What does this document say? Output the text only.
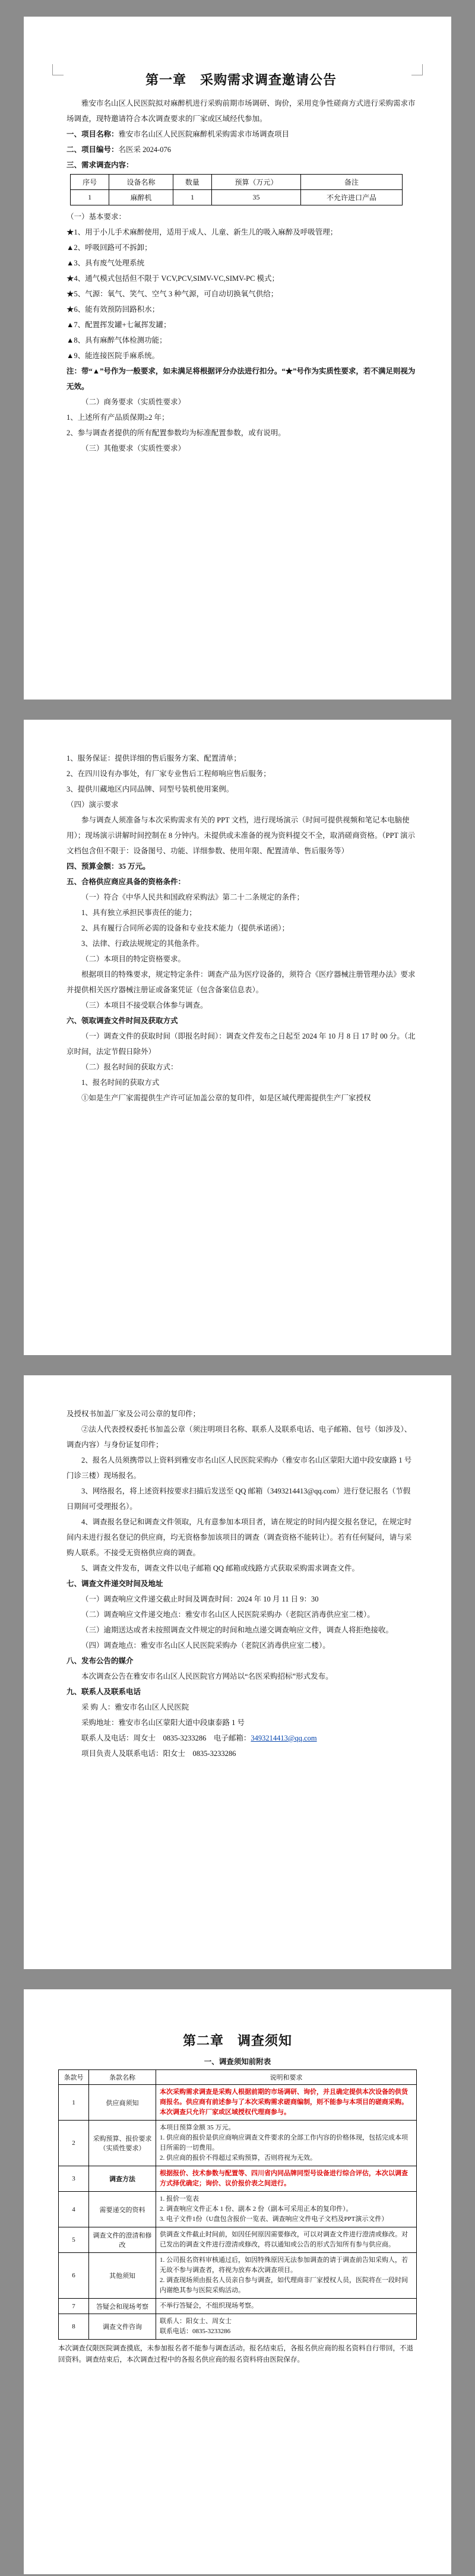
第一章　采购需求调查邀请公告

雅安市名山区人民医院拟对麻醉机进行采购前期市场调研、询价，采用竞争性磋商方式进行采购需求市场调查，现特邀请符合本次调查要求的厂家或区域经代参加。

一、项目名称：雅安市名山区人民医院麻醉机采购需求市场调查项目

二、项目编号：名医采 2024-076

三、需求调查内容：

序号	设备名称	数量	预算（万元）	备注
1	麻醉机	1	35	不允许进口产品

（一）基本要求：

★1、用于小儿手术麻醉使用，适用于成人、儿童、新生儿的吸入麻醉及呼吸管理；

▲2、呼吸回路可不拆卸；

▲3、具有废气处理系统

★4、通气模式包括但不限于 VCV,PCV,SIMV-VC,SIMV-PC 模式；

★5、气源：氧气、笑气、空气 3 种气源，可自动切换氧气供给；

★6、能有效预防回路积水；

▲7、配置挥发罐+七氟挥发罐；

▲8、具有麻醉气体检测功能；

▲9、能连接医院手麻系统。

注：带“▲”号作为一般要求，如未满足将根据评分办法进行扣分。“★”号作为实质性要求，若不满足则视为无效。

（二）商务要求（实质性要求）

1、上述所有产品质保期≥2 年；

2、参与调查者提供的所有配置参数均为标准配置参数，或有说明。

（三）其他要求（实质性要求）

1、服务保证：提供详细的售后服务方案、配置清单；

2、在四川设有办事处，有厂家专业售后工程师响应售后服务；

3、提供川藏地区内同品牌、同型号装机使用案例。

（四）演示要求

参与调查人须准备与本次采购需求有关的 PPT 文档，进行现场演示（时间可提供视频和笔记本电脑使用）；现场演示讲解时间控制在 8 分钟内。未提供或未准备的视为资料提交不全，取消磋商资格。（PPT 演示文档包含但不限于：设备图号、功能、详细参数、使用年限、配置清单、售后服务等）

四、预算金额：35 万元。

五、合格供应商应具备的资格条件：

（一）符合《中华人民共和国政府采购法》第二十二条规定的条件；

1、具有独立承担民事责任的能力；

2、具有履行合同所必需的设备和专业技术能力（提供承诺函）；

3、法律、行政法规规定的其他条件。

（二）本项目的特定资格要求。

根据项目的特殊要求，规定特定条件：调查产品为医疗设备的，须符合《医疗器械注册管理办法》要求并提供相关医疗器械注册证或备案凭证（包含备案信息表）。

（三）本项目不接受联合体参与调查。

六、领取调查文件时间及获取方式

（一）调查文件的获取时间（即报名时间）：调查文件发布之日起至 2024 年 10 月 8 日 17 时 00 分。（北京时间，法定节假日除外）

（二）报名时间的获取方式：

1、报名时间的获取方式

①如是生产厂家需提供生产许可证加盖公章的复印件，如是区域代理需提供生产厂家授权

及授权书加盖厂家及公司公章的复印件；

②法人代表授权委托书加盖公章（须注明项目名称、联系人及联系电话、电子邮箱、包号（如涉及）、调查内容）与身份证复印件；

2、报名人员须携带以上资料到雅安市名山区人民医院采购办（雅安市名山区蒙阳大道中段安康路 1 号门诊三楼）现场报名。

3、网络报名，将上述资料按要求扫描后发送至 QQ 邮箱（3493214413@qq.com）进行登记报名（节假日期间可受理报名）。

4、调查报名登记和调查文件领取，凡有意参加本项目者，请在规定的时间内提交报名登记，在规定时间内未进行报名登记的供应商，均无资格参加该项目的调查（调查资格不能转让）。若有任何疑问，请与采购人联系。不接受无资格供应商的调查。

5、调查文件发布，调查文件以电子邮箱 QQ 邮箱或线路方式获取采购需求调查文件。

七、调查文件递交时间及地址

（一）调查响应文件递交截止时间及调查时间：2024 年 10 月 11 日 9：30

（二）调查响应文件递交地点：雅安市名山区人民医院采购办（老院区消毒供应室二楼）。

（三）逾期送达或者未按照调查文件规定的时间和地点递交调查响应文件，调查人将拒绝接收。

（四）调查地点：雅安市名山区人民医院采购办（老院区消毒供应室二楼）。

八、发布公告的媒介

本次调查公告在雅安市名山区人民医院官方网站以“名医采购招标”形式发布。

九、联系人及联系电话

采 购 人：雅安市名山区人民医院

采购地址：雅安市名山区蒙阳大道中段康泰路 1 号

联系人及电话：周女士　0835-3233286　电子邮箱：3493214413@qq.com

项目负责人及联系电话：阳女士　0835-3233286

第二章　调查须知

一、调查须知前附表

条款号	条款名称	说明和要求
1	供应商须知	本次采购需求调查是采购人根据前期的市场调研、询价，并且确定提供本次设备的供货商报名。供应商有前述参与了本次采购需求磋商编制，则不能参与本项目的磋商采购。本次调查只允许厂家或区域授权代理商参与。
2	采购预算、报价要求（实质性要求）	本项目预算金额 35 万元。
1. 供应商的报价是供应商响应调查文件要求的全部工作内容的价格体现，包括完成本项目所需的一切费用。
2. 供应商的报价不得超过采购预算，否则将视为无效。
3	调查方法	根据报价、技术参数与配置等、四川省内同品牌同型号设备进行综合评估，本次以调查方式择优确定；询价、议价报价表之间进行。
4	需要递交的资料	1. 报价一览表
2. 调查响应文件正本 1 份、副本 2 份（副本可采用正本的复印件）。
3. 电子文件1份（U盘包含报价一览表、调查响应文件电子文档及PPT演示文件）
5	调查文件的澄清和修改	供调查文件截止时间前，如因任何原因需要修改，可以对调查文件进行澄清或修改。对已发出的调查文件进行澄清或修改，将以通知或公告的形式告知所有参与供应商。
6	其他须知	1. 公司报名资料审核通过后，如因特殊原因无法参加调查的请于调查前告知采购人，若无故不参与调查者，将视为放弃本次调查项目。
2. 调查现场须由报名人员亲自参与调查，如代理商非厂家授权人员，医院将在一段时间内谢绝其参与医院采购活动。
7	答疑会和现场考察	不举行答疑会，不组织现场考察。
8	调查文件咨询	联系人：阳女士、周女士
联系电话：0835-3233286

本次调查仅限医院调查摸底，未参加报名者不能参与调查活动。报名结束后，各报名供应商的报名资料自行带回，不退回资料。调查结束后，本次调查过程中的各报名供应商的报名资料将由医院保存。
